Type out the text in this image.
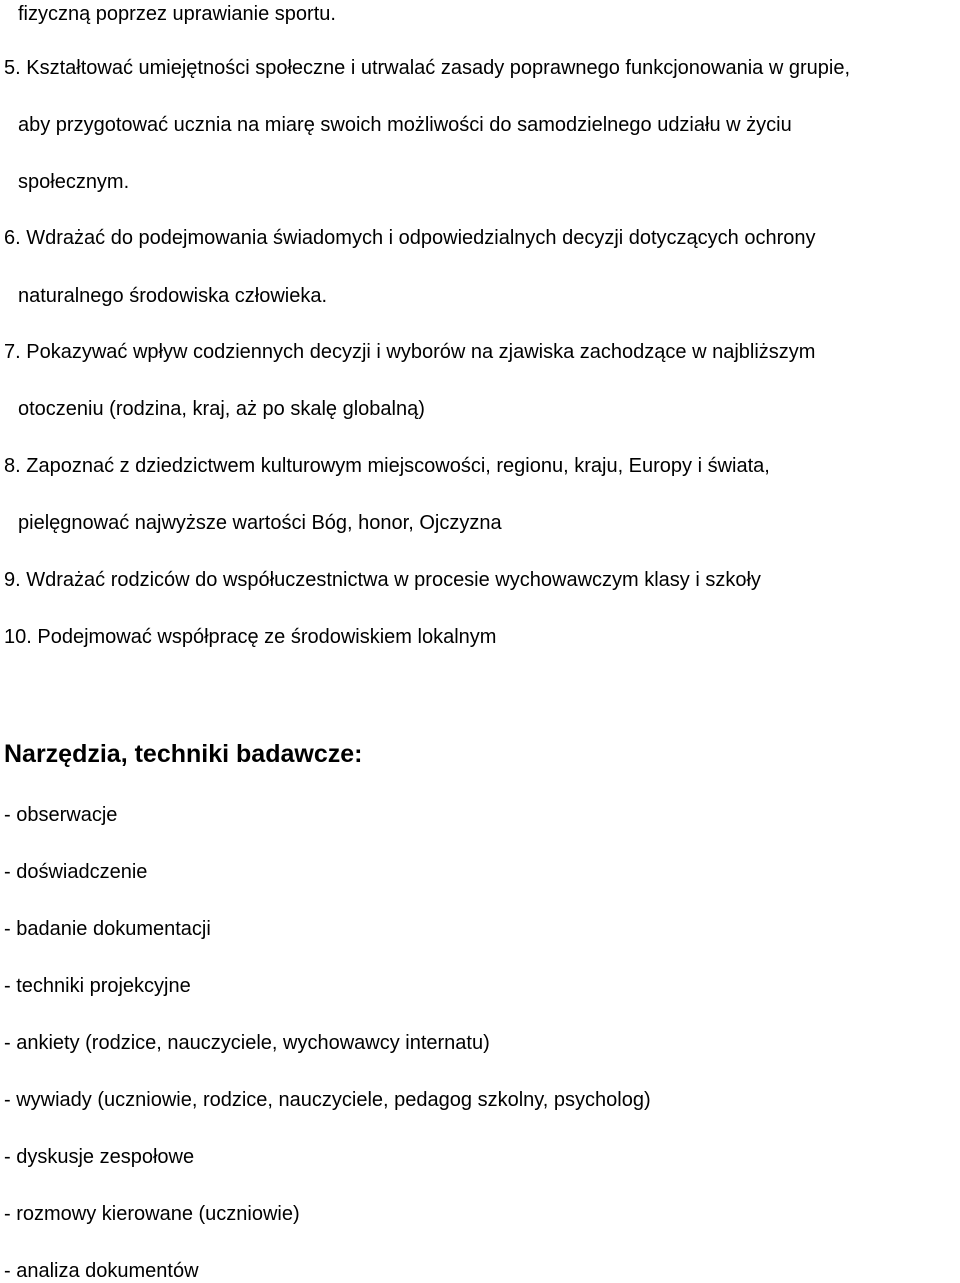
fizyczną poprzez uprawianie sportu.
5. Kształtować umiejętności społeczne i utrwalać zasady poprawnego funkcjonowania w grupie,
aby przygotować ucznia na miarę swoich możliwości do samodzielnego udziału w życiu
społecznym.
6. Wdrażać do podejmowania świadomych i odpowiedzialnych decyzji dotyczących ochrony
naturalnego środowiska człowieka.
7. Pokazywać wpływ codziennych decyzji i wyborów na zjawiska zachodzące w najbliższym
otoczeniu (rodzina, kraj, aż po skalę globalną)
8. Zapoznać z dziedzictwem kulturowym miejscowości, regionu, kraju, Europy i świata,
pielęgnować najwyższe wartości Bóg, honor, Ojczyzna
9. Wdrażać rodziców do współuczestnictwa w procesie wychowawczym klasy i szkoły
10. Podejmować współpracę ze środowiskiem lokalnym
Narzędzia, techniki badawcze:
- obserwacje
- doświadczenie
- badanie dokumentacji
- techniki projekcyjne
- ankiety (rodzice, nauczyciele, wychowawcy internatu)
- wywiady (uczniowie, rodzice, nauczyciele, pedagog szkolny, psycholog)
- dyskusje zespołowe
- rozmowy kierowane (uczniowie)
- analiza dokumentów
